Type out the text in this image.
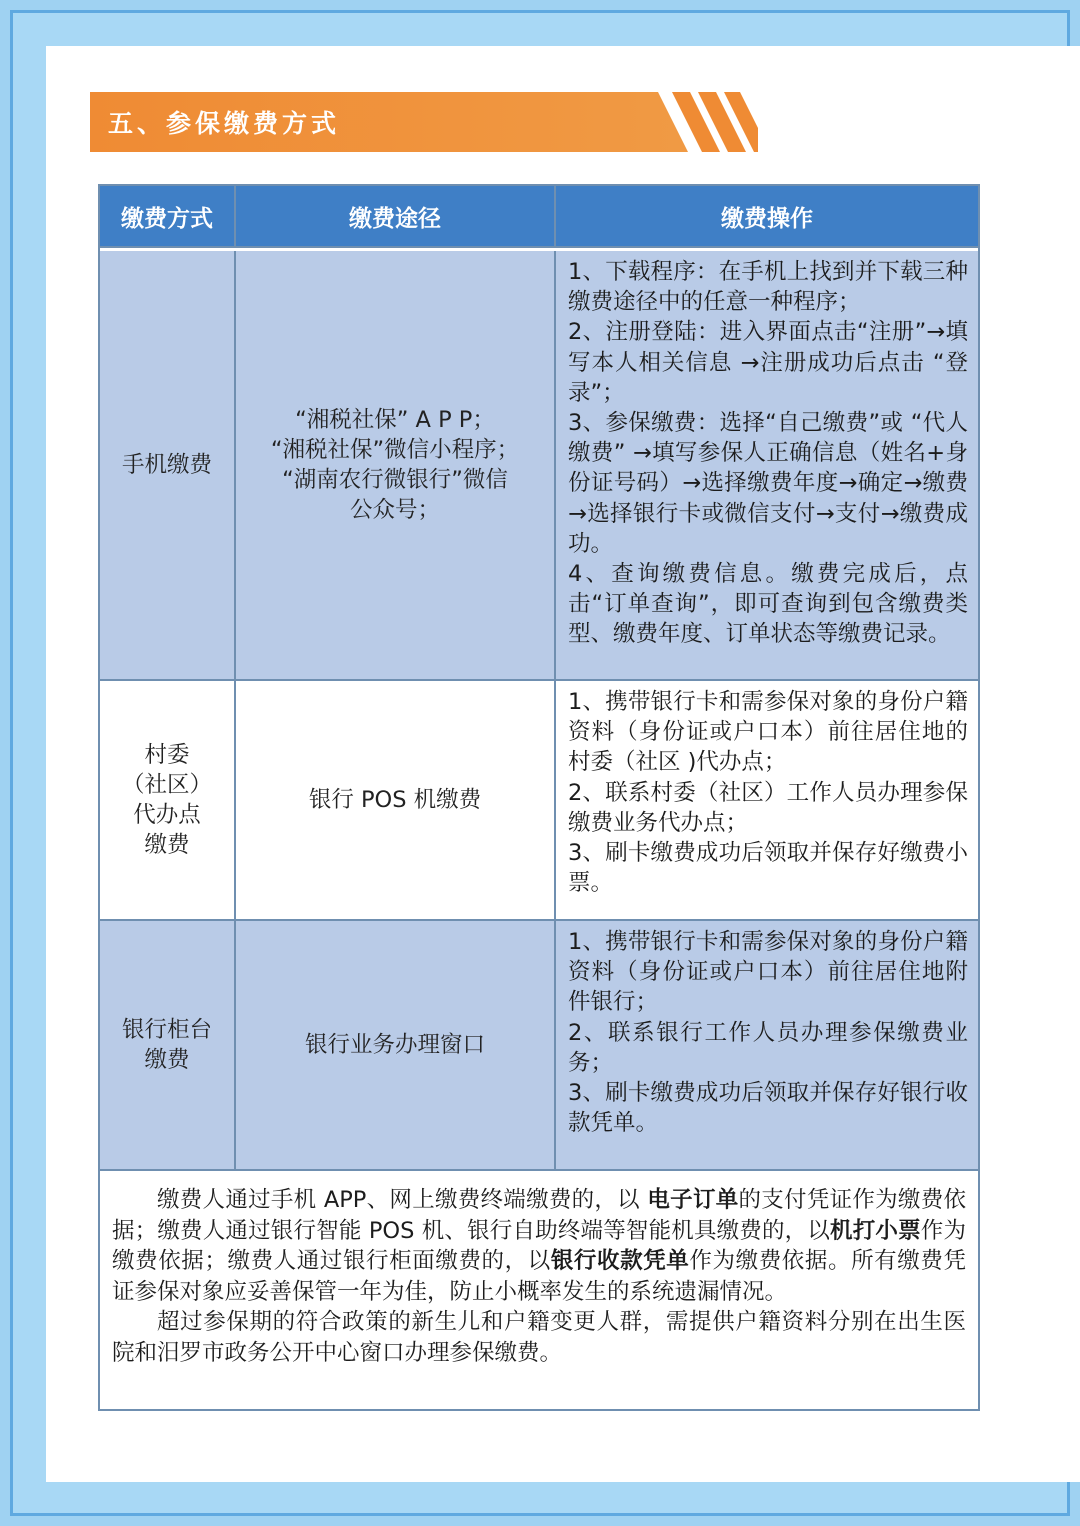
五、参保缴费方式
缴费方式	缴费途径	缴费操作
手机缴费
“湘税社保” A P P；
“湘税社保”微信小程序；
“湖南农行微银行”微信
公众号；

1、下载程序：在手机上找到并下载三种缴费途径中的任意一种程序；

2、注册登陆：进入界面点击“注册”→填写本人相关信息 →注册成功后点击 “登录”；

3、参保缴费：选择“自己缴费”或 “代人缴费” →填写参保人正确信息（姓名+身份证号码）→选择缴费年度→确定→缴费→选择银行卡或微信支付→支付→缴费成功。

4、查询缴费信息。缴费完成后，点击“订单查询”，即可查询到包含缴费类型、缴费年度、订单状态等缴费记录。

村委
（社区）
代办点
缴费
银行 POS 机缴费

1、携带银行卡和需参保对象的身份户籍资料（身份证或户口本）前往居住地的村委（社区 )代办点；

2、联系村委（社区）工作人员办理参保缴费业务代办点；

3、刷卡缴费成功后领取并保存好缴费小票。

银行柜台
缴费
银行业务办理窗口

1、携带银行卡和需参保对象的身份户籍资料（身份证或户口本）前往居住地附件银行；

2、联系银行工作人员办理参保缴费业务；

3、刷卡缴费成功后领取并保存好银行收款凭单。

缴费人通过手机 APP、网上缴费终端缴费的，以 电子订单的支付凭证作为缴费依据；缴费人通过银行智能 POS 机、银行自助终端等智能机具缴费的，以机打小票作为缴费依据；缴费人通过银行柜面缴费的，以银行收款凭单作为缴费依据。所有缴费凭证参保对象应妥善保管一年为佳，防止小概率发生的系统遗漏情况。

超过参保期的符合政策的新生儿和户籍变更人群，需提供户籍资料分别在出生医院和汨罗市政务公开中心窗口办理参保缴费。
